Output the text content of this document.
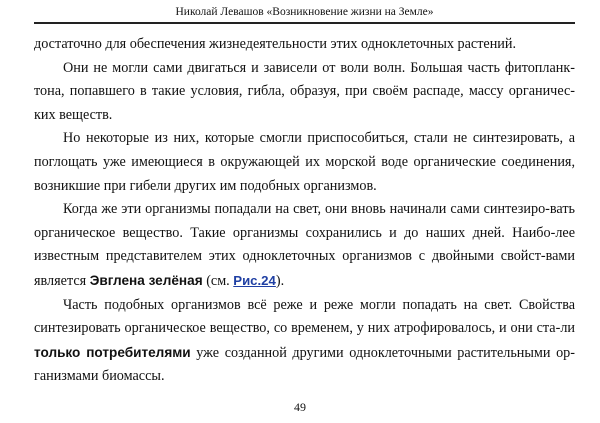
Николай Левашов «Возникновение жизни на Земле»

достаточно для обеспечения жизнедеятельности этих одноклеточных растений.

Они не могли сами двигаться и зависели от воли волн. Большая часть фитопланк-тона, попавшего в такие условия, гибла, образуя, при своём распаде, массу органичес-ких веществ.

Но некоторые из них, которые смогли приспособиться, стали не синтезировать, а поглощать уже имеющиеся в окружающей их морской воде органические соединения, возникшие при гибели других им подобных организмов.

Когда же эти организмы попадали на свет, они вновь начинали сами синтезиро-вать органическое вещество. Такие организмы сохранились и до наших дней. Наибо-лее известным представителем этих одноклеточных организмов с двойными свойст-вами является Эвглена зелёная (см. Рис.24).

Часть подобных организмов всё реже и реже могли попадать на свет. Свойства синтезировать органическое вещество, со временем, у них атрофировалось, и они ста-ли только потребителями уже созданной другими одноклеточными растительными ор-ганизмами биомассы.

49
